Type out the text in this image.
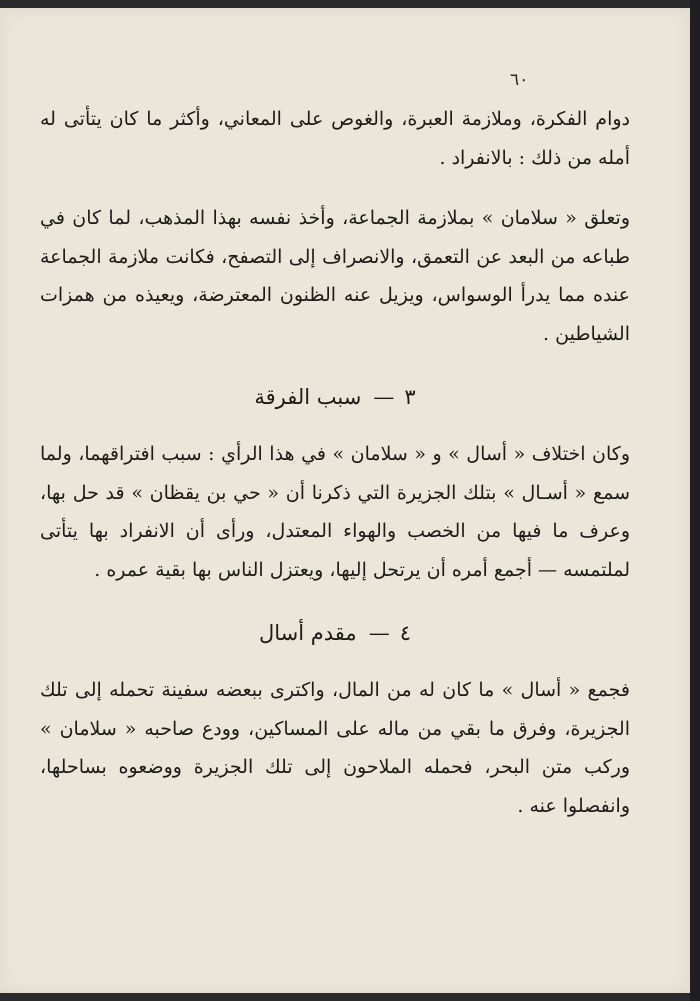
٦٠

دوام الفكرة، وملازمة العبرة، والغوص على المعاني، وأكثر ما كان يتأتى له أمله من ذلك : بالانفراد .

وتعلق « سلامان » بملازمة الجماعة، وأخذ نفسه بهذا المذهب، لما كان في طباعه من البعد عن التعمق، والانصراف إلى التصفح، فكانت ملازمة الجماعة عنده مما يدرأ الوسواس، ويزيل عنه الظنون المعترضة، ويعيذه من همزات الشياطين .

٣—سبب الفرقة

وكان اختلاف « أسال » و « سلامان » في هذا الرأي : سبب افتراقهما، ولما سمع « أسـال » بتلك الجزيرة التي ذكرنا أن « حي بن يقظان » قد حل بها، وعرف ما فيها من الخصب والهواء المعتدل، ورأى أن الانفراد بها يتأتى لملتمسه — أجمع أمره أن يرتحل إليها، ويعتزل الناس بها بقية عمره .

٤—مقدم أسال

فجمع « أسال » ما كان له من المال، واكترى ببعضه سفينة تحمله إلى تلك الجزيرة، وفرق ما بقي من ماله على المساكين، وودع صاحبه « سلامان » وركب متن البحر، فحمله الملاحون إلى تلك الجزيرة ووضعوه بساحلها، وانفصلوا عنه .
